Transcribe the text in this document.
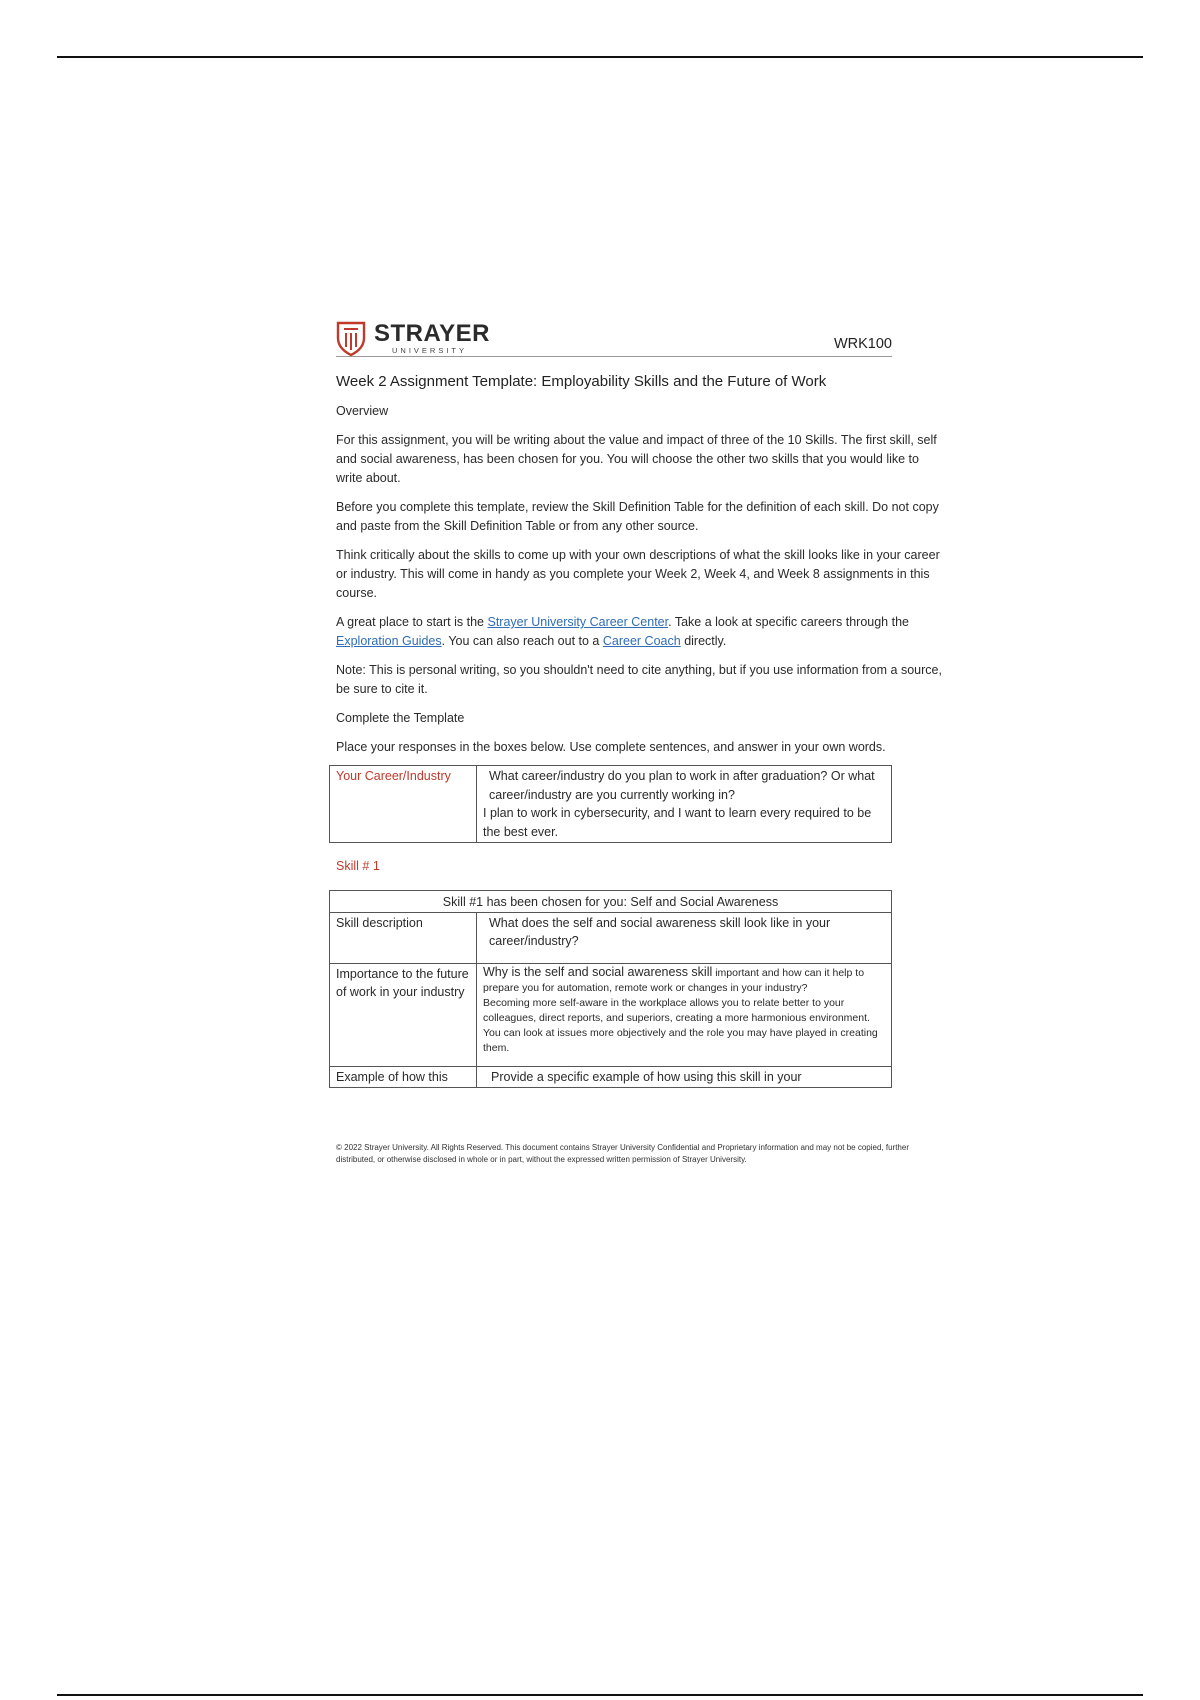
STRAYER
UNIVERSITY	WRK100
Week 2 Assignment Template: Employability Skills and the Future of Work
Overview
For this assignment, you will be writing about the value and impact of three of the 10 Skills. The first skill, self and social awareness, has been chosen for you. You will choose the other two skills that you would like to write about.
Before you complete this template, review the Skill Definition Table for the definition of each skill. Do not copy and paste from the Skill Definition Table or from any other source.
Think critically about the skills to come up with your own descriptions of what the skill looks like in your career or industry. This will come in handy as you complete your Week 2, Week 4, and Week 8 assignments in this course.
A great place to start is the Strayer University Career Center. Take a look at specific careers through the Exploration Guides. You can also reach out to a Career Coach directly.
Note: This is personal writing, so you shouldn't need to cite anything, but if you use information from a source, be sure to cite it.
Complete the Template
Place your responses in the boxes below. Use complete sentences, and answer in your own words.
Your Career/Industry	What career/industry do you plan to work in after graduation? Or what career/industry are you currently working in?
I plan to work in cybersecurity, and I want to learn every required to be the best ever.
Skill # 1
Skill #1 has been chosen for you: Self and Social Awareness	
Skill description	What does the self and social awareness skill look like in your career/industry?

Importance to the future of work in your industry	Why is the self and social awareness skill important and how can it help to prepare you for automation, remote work or changes in your industry?
Becoming more self-aware in the workplace allows you to relate better to your colleagues, direct reports, and superiors, creating a more harmonious environment. You can look at issues more objectively and the role you may have played in creating them.

Example of how this	Provide a specific example of how using this skill in your
© 2022 Strayer University. All Rights Reserved. This document contains Strayer University Confidential and Proprietary information and may not be copied, further distributed, or otherwise disclosed in whole or in part, without the expressed written permission of Strayer University.
